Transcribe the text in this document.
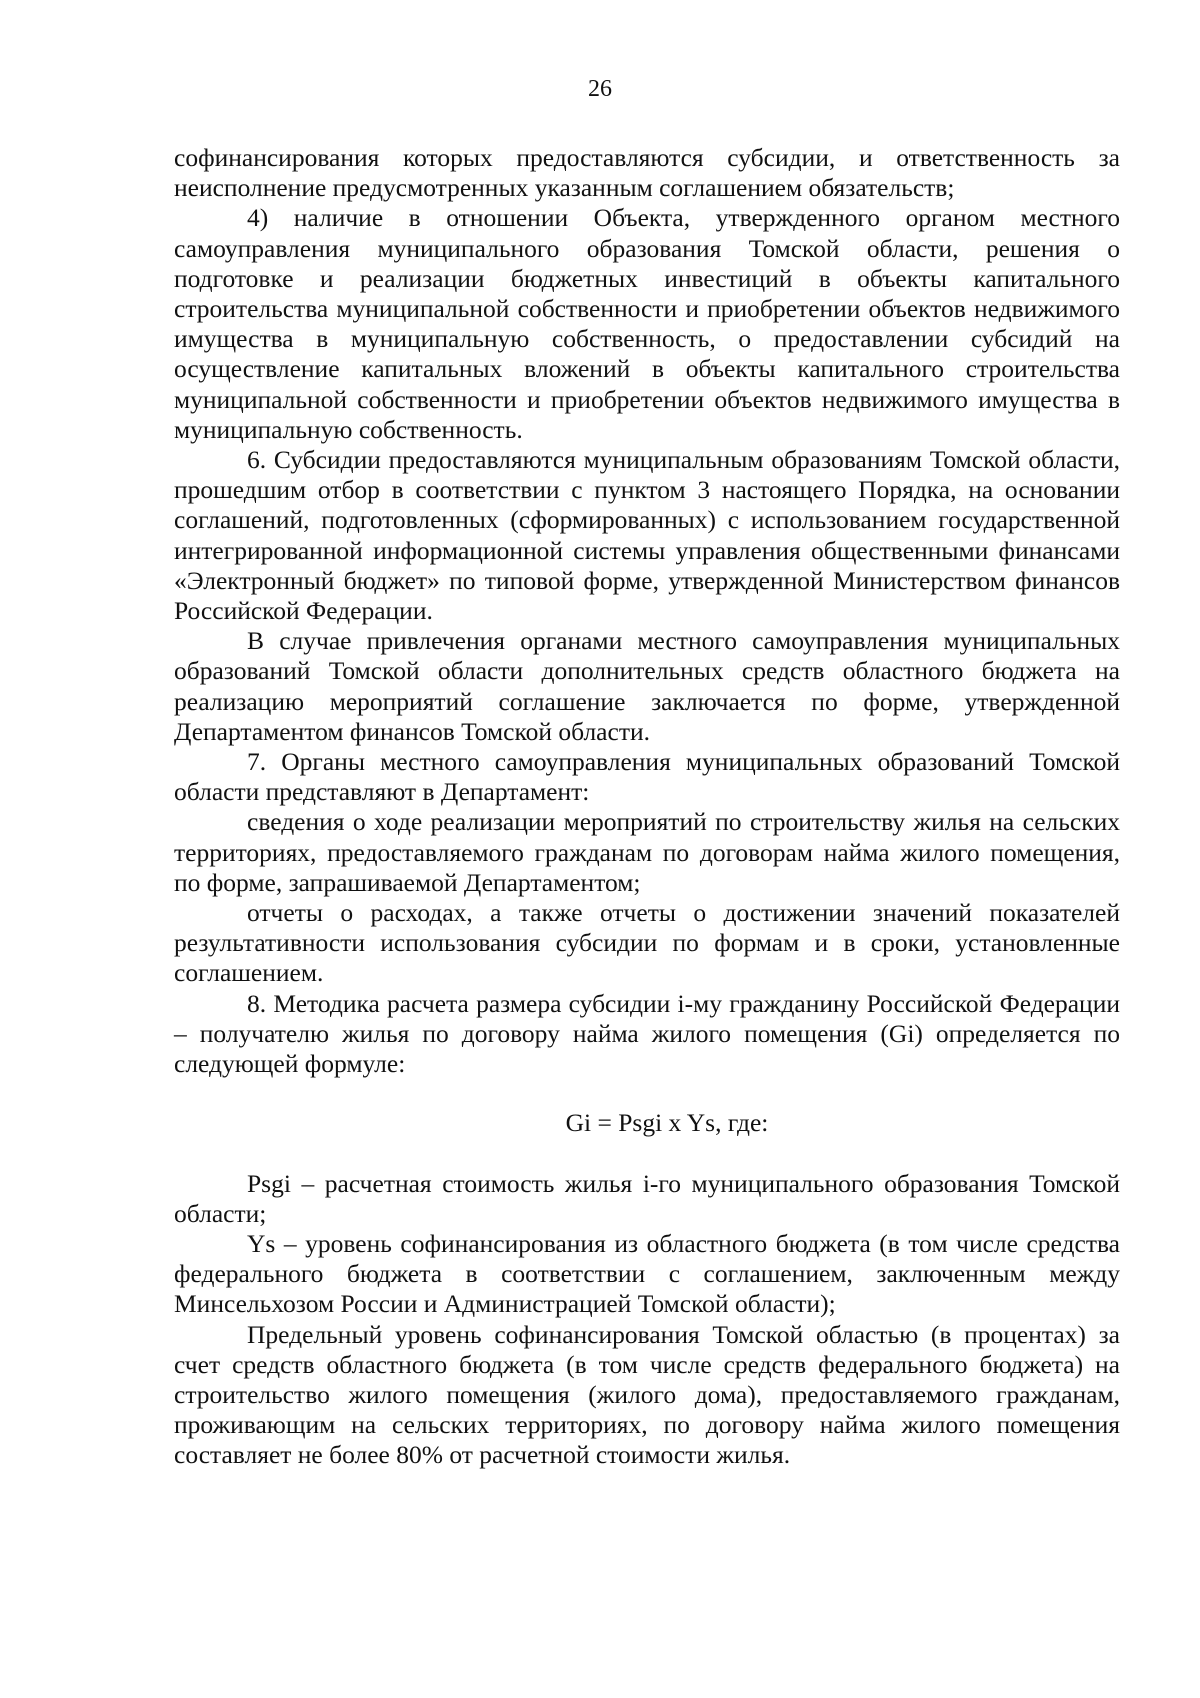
26

софинансирования которых предоставляются субсидии, и ответственность за неисполнение предусмотренных указанным соглашением обязательств;

4) наличие в отношении Объекта, утвержденного органом местного самоуправления муниципального образования Томской области, решения о подготовке и реализации бюджетных инвестиций в объекты капитального строительства муниципальной собственности и приобретении объектов недвижимого имущества в муниципальную собственность, о предоставлении субсидий на осуществление капитальных вложений в объекты капитального строительства муниципальной собственности и приобретении объектов недвижимого имущества в муниципальную собственность.

6. Субсидии предоставляются муниципальным образованиям Томской области, прошедшим отбор в соответствии с пунктом 3 настоящего Порядка, на основании соглашений, подготовленных (сформированных) с использованием государственной интегрированной информационной системы управления общественными финансами «Электронный бюджет» по типовой форме, утвержденной Министерством финансов Российской Федерации.

В случае привлечения органами местного самоуправления муниципальных образований Томской области дополнительных средств областного бюджета на реализацию мероприятий соглашение заключается по форме, утвержденной Департаментом финансов Томской области.

7. Органы местного самоуправления муниципальных образований Томской области представляют в Департамент:

сведения о ходе реализации мероприятий по строительству жилья на сельских территориях, предоставляемого гражданам по договорам найма жилого помещения, по форме, запрашиваемой Департаментом;

отчеты о расходах, а также отчеты о достижении значений показателей результативности использования субсидии по формам и в сроки, установленные соглашением.

8. Методика расчета размера субсидии i-му гражданину Российской Федерации – получателю жилья по договору найма жилого помещения (Gi) определяется по следующей формуле:

Gi = Psgi x Ys, где:

Psgi – расчетная стоимость жилья i-го муниципального образования Томской области;

Ys – уровень софинансирования из областного бюджета (в том числе средства федерального бюджета в соответствии с соглашением, заключенным между Минсельхозом России и Администрацией Томской области);

Предельный уровень софинансирования Томской областью (в процентах) за счет средств областного бюджета (в том числе средств федерального бюджета) на строительство жилого помещения (жилого дома), предоставляемого гражданам, проживающим на сельских территориях, по договору найма жилого помещения составляет не более 80% от расчетной стоимости жилья.
